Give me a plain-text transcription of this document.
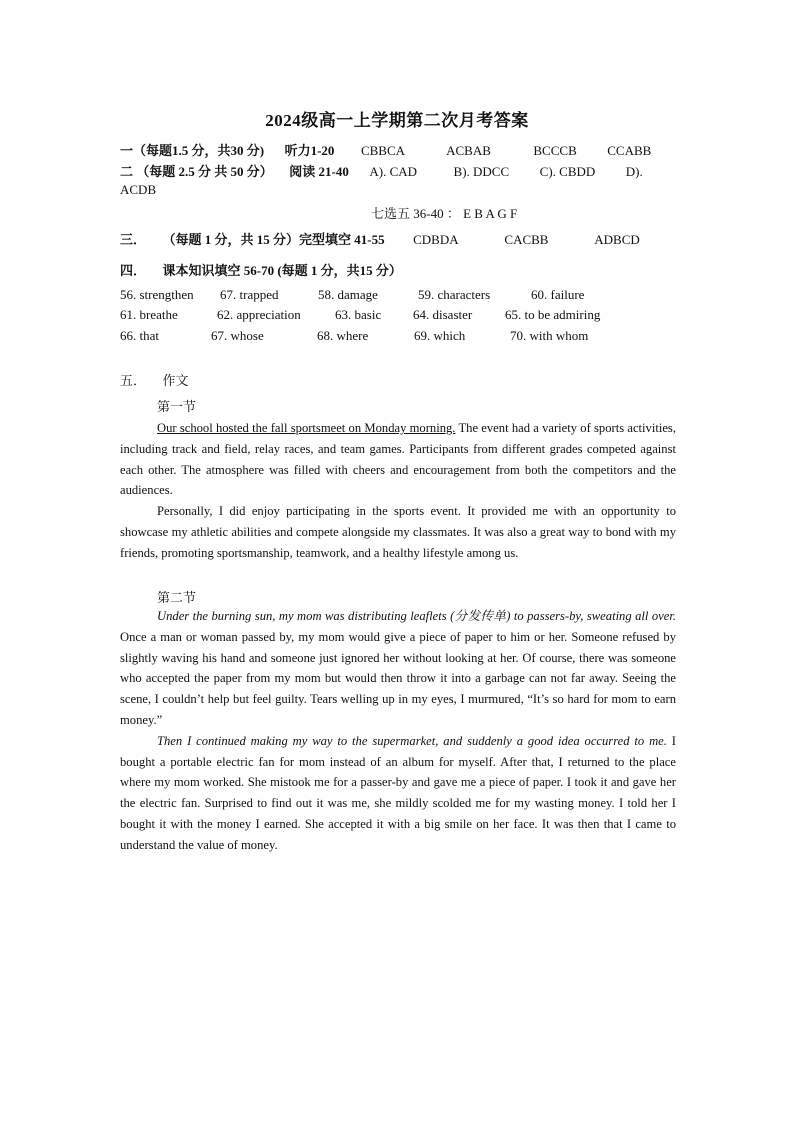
2024级高一上学期第二次月考答案
一（每题1.5 分，共30 分) 听力1-20 CBBCA	ACBAB	BCCCB CCABB
二 （每题 2.5 分 共 50 分） 阅读 21-40 A). CAD	B). DDCC C). CBDD D).
ACDB
七选五 36-40 ： E B A G F
三． （每题 1 分，共 15 分）完型填空 41-55 CDBDA	CACBB	ADBCD
四． 课本知识填空 56-70 (每题 1 分，共15 分）
56. strengthen 67. trapped	58. damage	59. characters	60. failure
61. breathe	62. appreciation	63. basic 64. disaster	65. to be admiring
66. that	67. whose	68. where	69. which	70. with whom
五． 作文
第一节

Our school hosted the fall sportsmeet on Monday morning. The event had a variety of sports activities, including track and field, relay races, and team games. Participants from different grades competed against each other. The atmosphere was filled with cheers and encouragement from both the competitors and the audiences.

Personally, I did enjoy participating in the sports event. It provided me with an opportunity to showcase my athletic abilities and compete alongside my classmates. It was also a great way to bond with my friends, promoting sportsmanship, teamwork, and a healthy lifestyle among us.

第二节

Under the burning sun, my mom was distributing leaflets (分发传单) to passers-by, sweating all over. Once a man or woman passed by, my mom would give a piece of paper to him or her. Someone refused by slightly waving his hand and someone just ignored her without looking at her. Of course, there was someone who accepted the paper from my mom but would then throw it into a garbage can not far away. Seeing the scene, I couldn’t help but feel guilty. Tears welling up in my eyes, I murmured, “It’s so hard for mom to earn money.”

Then I continued making my way to the supermarket, and suddenly a good idea occurred to me. I bought a portable electric fan for mom instead of an album for myself. After that, I returned to the place where my mom worked. She mistook me for a passer-by and gave me a piece of paper. I took it and gave her the electric fan. Surprised to find out it was me, she mildly scolded me for my wasting money. I told her I bought it with the money I earned. She accepted it with a big smile on her face. It was then that I came to understand the value of money.
